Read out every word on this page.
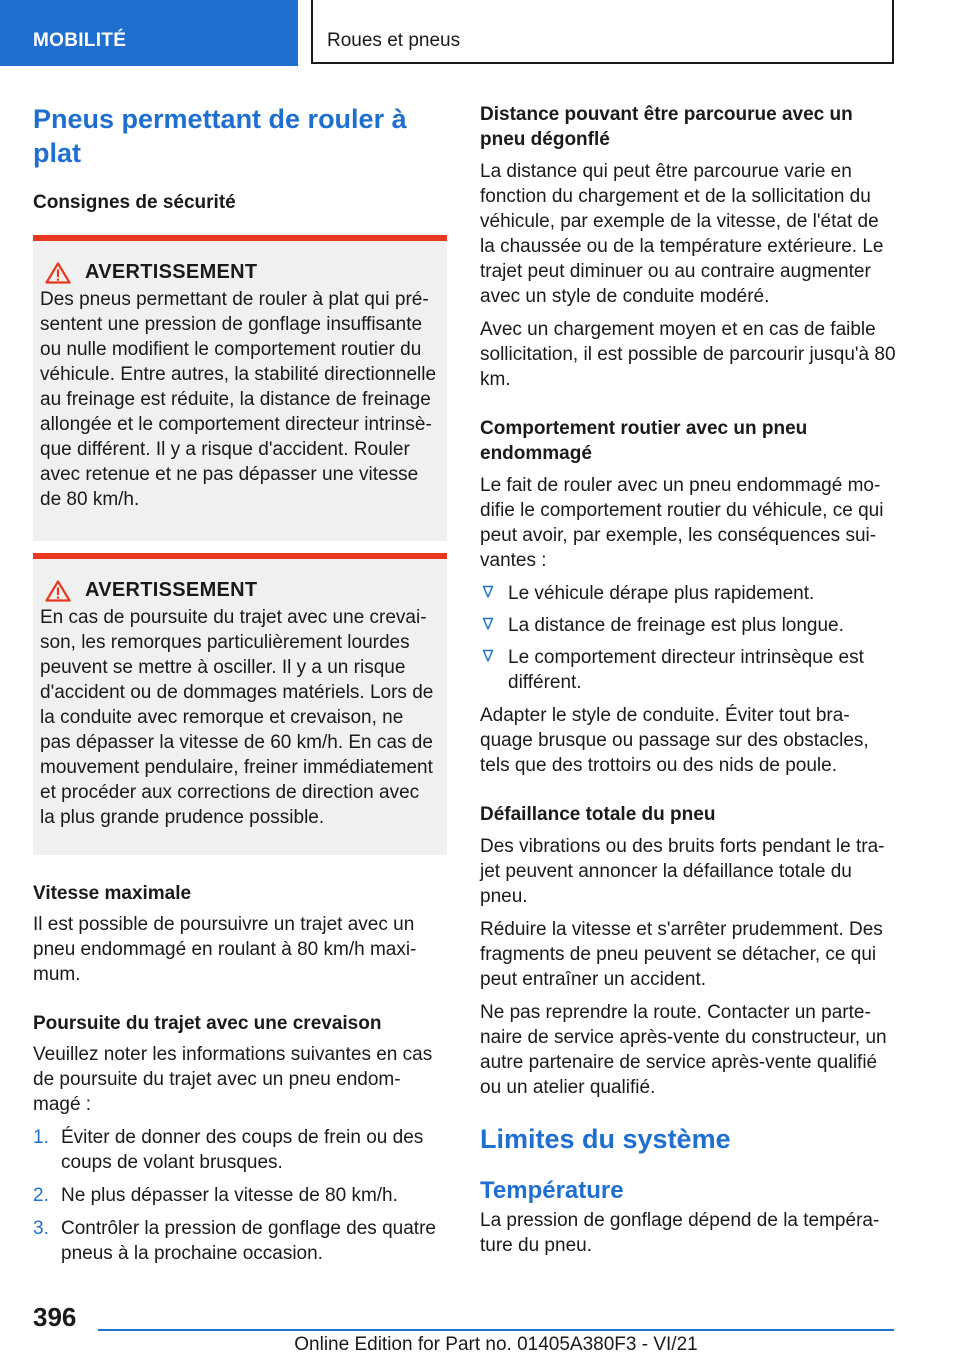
MOBILITÉ	Roues et pneus
Pneus permettant de rouler à plat
Consignes de sécurité
AVERTISSEMENT

Des pneus permettant de rouler à plat qui pré-sentent une pression de gonflage insuffisante ou nulle modifient le comportement routier du véhicule. Entre autres, la stabilité directionnelle au freinage est réduite, la distance de freinage allongée et le comportement directeur intrinsè-que différent. Il y a risque d'accident. Rouler avec retenue et ne pas dépasser une vitesse de 80 km/h.

AVERTISSEMENT

En cas de poursuite du trajet avec une crevai-son, les remorques particulièrement lourdes peuvent se mettre à osciller. Il y a un risque d'accident ou de dommages matériels. Lors de la conduite avec remorque et crevaison, ne pas dépasser la vitesse de 60 km/h. En cas de mouvement pendulaire, freiner immédiatement et procéder aux corrections de direction avec la plus grande prudence possible.

Vitesse maximale

Il est possible de poursuivre un trajet avec un pneu endommagé en roulant à 80 km/h maxi-mum.

Poursuite du trajet avec une crevaison

Veuillez noter les informations suivantes en cas de poursuite du trajet avec un pneu endom-magé :

1. Éviter de donner des coups de frein ou des coups de volant brusques.
2. Ne plus dépasser la vitesse de 80 km/h.
3. Contrôler la pression de gonflage des quatre pneus à la prochaine occasion.
Distance pouvant être parcourue avec un pneu dégonflé

La distance qui peut être parcourue varie en fonction du chargement et de la sollicitation du véhicule, par exemple de la vitesse, de l'état de la chaussée ou de la température extérieure. Le trajet peut diminuer ou au contraire augmenter avec un style de conduite modéré.

Avec un chargement moyen et en cas de faible sollicitation, il est possible de parcourir jusqu'à 80 km.

Comportement routier avec un pneu endommagé

Le fait de rouler avec un pneu endommagé mo-difie le comportement routier du véhicule, ce qui peut avoir, par exemple, les conséquences sui-vantes :

Le véhicule dérape plus rapidement.
La distance de freinage est plus longue.
Le comportement directeur intrinsèque est différent.

Adapter le style de conduite. Éviter tout bra-quage brusque ou passage sur des obstacles, tels que des trottoirs ou des nids de poule.

Défaillance totale du pneu

Des vibrations ou des bruits forts pendant le tra-jet peuvent annoncer la défaillance totale du pneu.

Réduire la vitesse et s'arrêter prudemment. Des fragments de pneu peuvent se détacher, ce qui peut entraîner un accident.

Ne pas reprendre la route. Contacter un parte-naire de service après-vente du constructeur, un autre partenaire de service après-vente qualifié ou un atelier qualifié.

Limites du système
Température

La pression de gonflage dépend de la tempéra-ture du pneu.

396
Online Edition for Part no. 01405A380F3 - VI/21
